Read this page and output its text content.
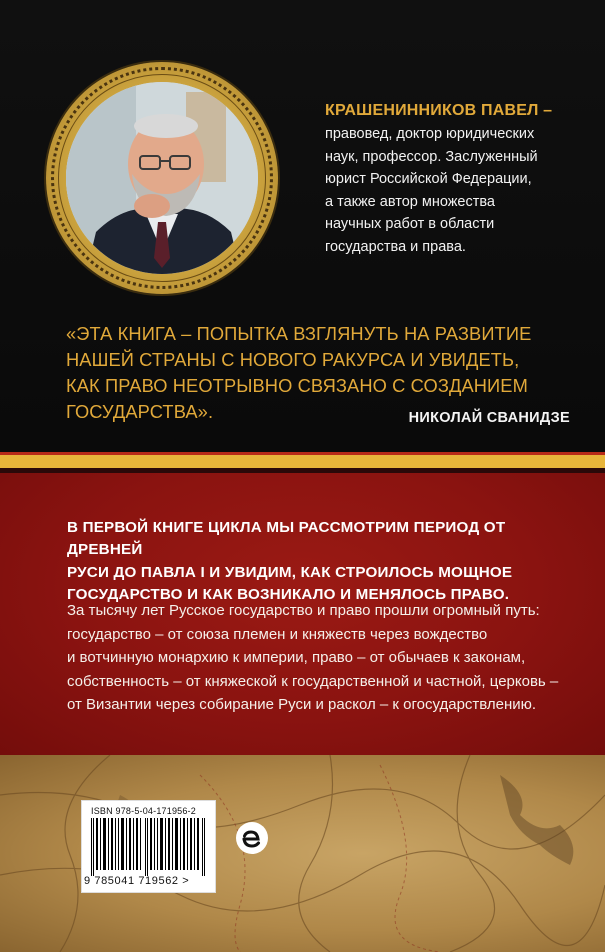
КРАШЕНИННИКОВ ПАВЕЛ –
правовед, доктор юридических
наук, профессор. Заслуженный
юрист Российской Федерации,
а также автор множества
научных работ в области
государства и права.
«ЭТА КНИГА – ПОПЫТКА ВЗГЛЯНУТЬ НА РАЗВИТИЕ
НАШЕЙ СТРАНЫ С НОВОГО РАКУРСА И УВИДЕТЬ,
КАК ПРАВО НЕОТРЫВНО СВЯЗАНО С СОЗДАНИЕМ
ГОСУДАРСТВА».	НИКОЛАЙ СВАНИДЗЕ
В ПЕРВОЙ КНИГЕ ЦИКЛА МЫ РАССМОТРИМ ПЕРИОД ОТ ДРЕВНЕЙ
РУСИ ДО ПАВЛА I И УВИДИМ, КАК СТРОИЛОСЬ МОЩНОЕ
ГОСУДАРСТВО И КАК ВОЗНИКАЛО И МЕНЯЛОСЬ ПРАВО.
За тысячу лет Русское государство и право прошли огромный путь:
государство – от союза племен и княжеств через вождество
и вотчинную монархию к империи, право – от обычаев к законам,
собственность – от княжеской к государственной и частной, церковь –
от Византии через собирание Руси и раскол – к огосударствлению.
ISBN 978-5-04-171956-2
9 785041 719562 >
